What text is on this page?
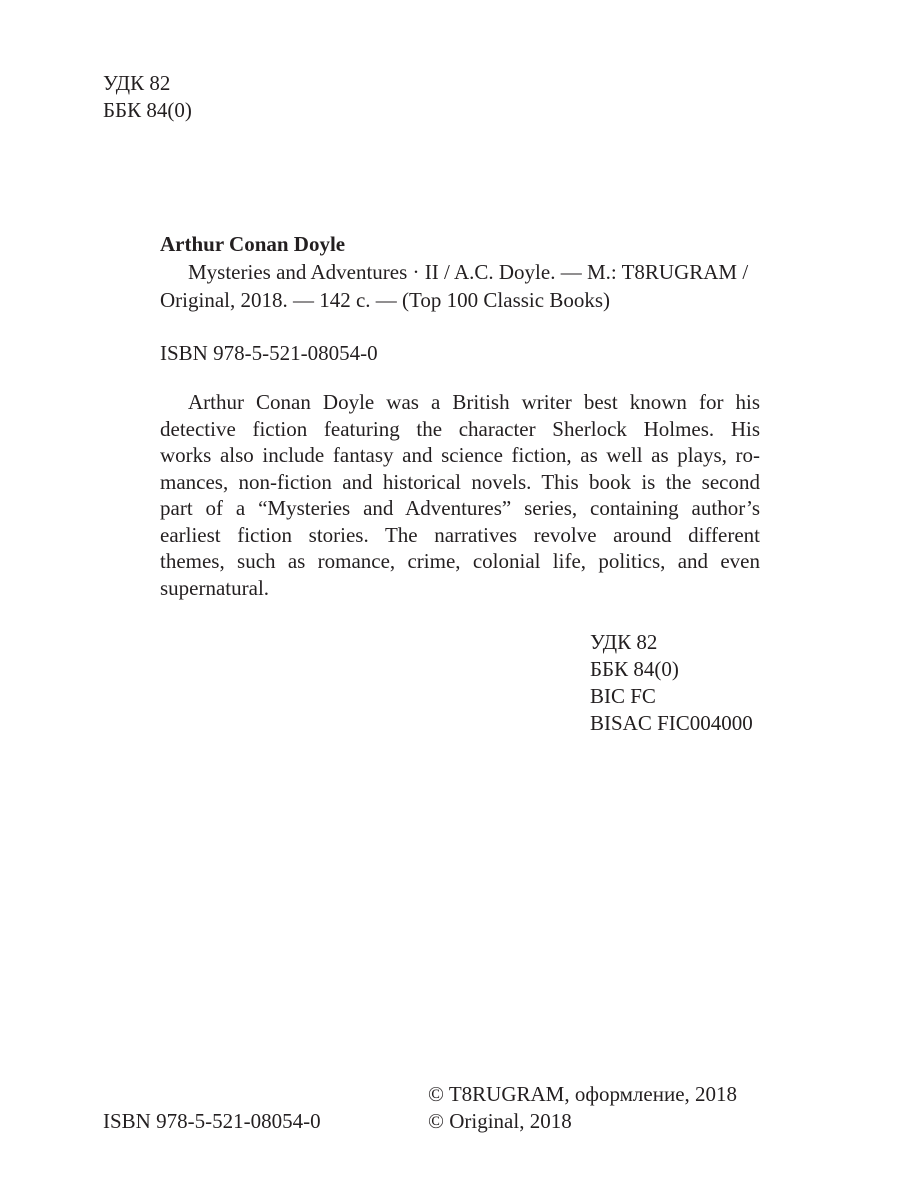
УДК 82
ББК 84(0)
Arthur Conan Doyle
Mysteries and Adventures · II / A.C. Doyle. — M.: T8RUGRAM /
Original, 2018. — 142 c. — (Top 100 Classic Books)
ISBN 978-5-521-08054-0
Arthur Conan Doyle was a British writer best known for his
detective fiction featuring the character Sherlock Holmes. His
works also include fantasy and science fiction, as well as plays, ro-
mances, non-fiction and historical novels. This book is the second
part of a “Mysteries and Adventures” series, containing author’s
earliest fiction stories. The narratives revolve around different
themes, such as romance, crime, colonial life, politics, and even
supernatural.
УДК 82
ББК 84(0)
BIC FC
BISAC FIC004000
ISBN 978-5-521-08054-0
© T8RUGRAM, оформление, 2018
© Original, 2018
